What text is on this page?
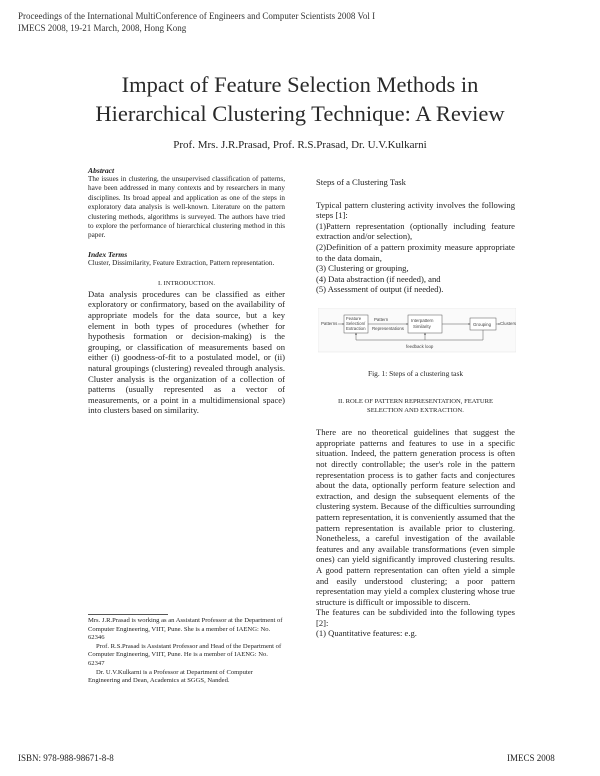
Proceedings of the International MultiConference of Engineers and Computer Scientists 2008 Vol I
IMECS 2008, 19-21 March, 2008, Hong Kong
Impact of Feature Selection Methods in
Hierarchical Clustering Technique: A Review
Prof. Mrs. J.R.Prasad, Prof. R.S.Prasad, Dr. U.V.Kulkarni

Abstract

The issues in clustering, the unsupervised classification of patterns, have been addressed in many contexts and by researchers in many disciplines. Its broad appeal and application as one of the steps in exploratory data analysis is well-known. Literature on the pattern clustering methods, algorithms is surveyed. The authors have tried to explore the performance of hierarchical clustering method in this paper.

Index Terms

Cluster, Dissimilarity, Feature Extraction, Pattern representation.

I. INTRODUCTION.

Data analysis procedures can be classified as either exploratory or confirmatory, based on the availability of appropriate models for the data source, but a key element in both types of procedures (whether for hypothesis formation or decision-making) is the grouping, or classification of measurements based on either (i) goodness-of-fit to a postulated model, or (ii) natural groupings (clustering) revealed through analysis. Cluster analysis is the organization of a collection of patterns (usually represented as a vector of measurements, or a point in a multidimensional space) into clusters based on similarity.

Mrs. J.R.Prasad is working as an Assistant Professor at the Department of Computer Engineering, VIIT, Pune. She is a member of IAENG: No. 62346

Prof. R.S.Prasad is Assistant Professor and Head of the Department of Computer Engineering, VIIT, Pune. He is a member of IAENG: No. 62347

Dr. U.V.Kulkarni is a Professor at Department of Computer Engineering and Dean, Academics at SGGS, Nanded.

Steps of a Clustering Task

Typical pattern clustering activity involves the following steps [1]:

(1)Pattern representation (optionally including feature extraction and/or selection),

(2)Definition of a pattern proximity measure appropriate to the data domain,

(3) Clustering or grouping,

(4) Data abstraction (if needed), and

(5) Assessment of output (if needed).

Patterns
Feature
Selection/
Extraction
Pattern
Representations
Interpattern
Similarity	Grouping Clusters
feedback loop
Fig. 1: Steps of a clustering task

II. ROLE OF PATTERN REPRESENTATION, FEATURE

SELECTION AND EXTRACTION.

There are no theoretical guidelines that suggest the appropriate patterns and features to use in a specific situation. Indeed, the pattern generation process is often not directly controllable; the user's role in the pattern representation process is to gather facts and conjectures about the data, optionally perform feature selection and extraction, and design the subsequent elements of the clustering system. Because of the difficulties surrounding pattern representation, it is conveniently assumed that the pattern representation is available prior to clustering. Nonetheless, a careful investigation of the available features and any available transformations (even simple ones) can yield significantly improved clustering results. A good pattern representation can often yield a simple and easily understood clustering; a poor pattern representation may yield a complex clustering whose true structure is difficult or impossible to discern.

The features can be subdivided into the following types [2]:

(1) Quantitative features: e.g.

ISBN: 978-988-98671-8-8	IMECS 2008
